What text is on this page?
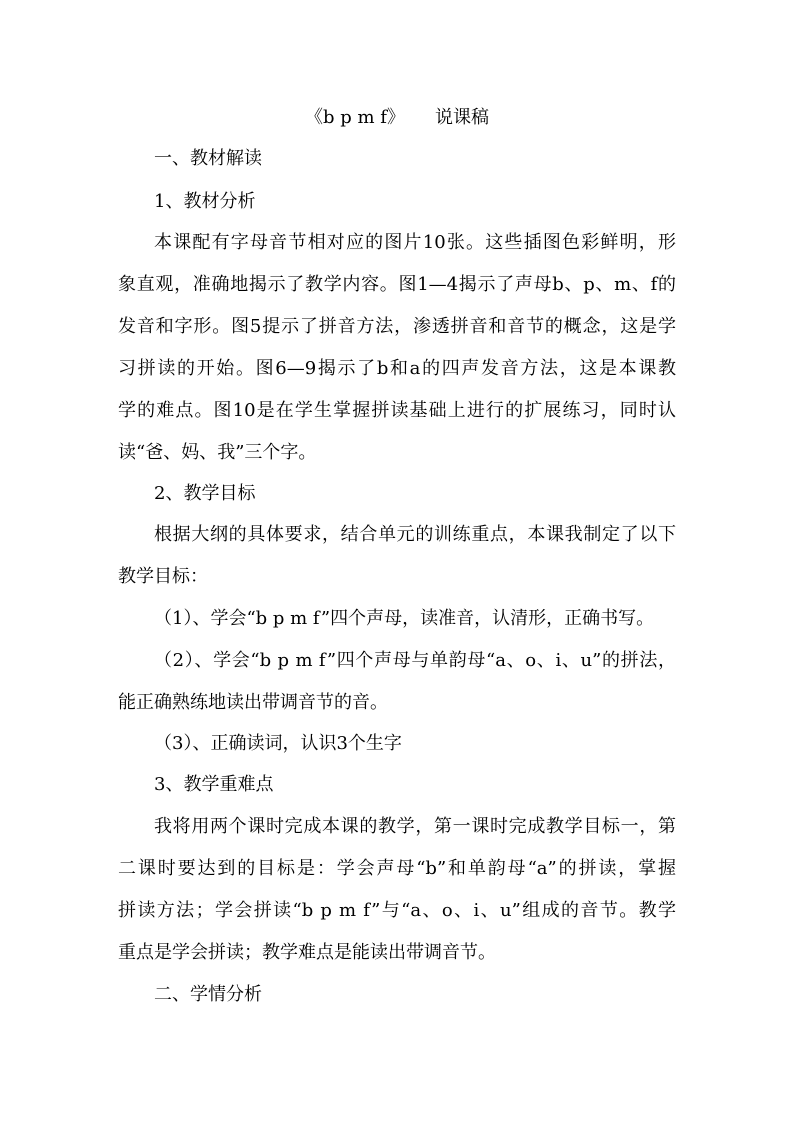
《b p m f》 说课稿
一、教材解读
1、教材分析
本课配有字母音节相对应的图片10张。这些插图色彩鲜明，形
象直观，准确地揭示了教学内容。图1—4揭示了声母b、p、m、f的
发音和字形。图5提示了拼音方法，渗透拼音和音节的概念，这是学
习拼读的开始。图6—9揭示了b和a的四声发音方法，这是本课教
学的难点。图10是在学生掌握拼读基础上进行的扩展练习，同时认
读“爸、妈、我”三个字。
2、教学目标
根据大纲的具体要求，结合单元的训练重点，本课我制定了以下
教学目标：
（1）、学会“b p m f”四个声母，读准音，认清形，正确书写。
（2）、学会“b p m f”四个声母与单韵母“a、o、i、u”的拼法，
能正确熟练地读出带调音节的音。
（3）、正确读词，认识3个生字
3、教学重难点
我将用两个课时完成本课的教学，第一课时完成教学目标一，第
二课时要达到的目标是：学会声母“b”和单韵母“a”的拼读，掌握
拼读方法；学会拼读“b p m f”与“a、o、i、u”组成的音节。教学
重点是学会拼读；教学难点是能读出带调音节。
二、学情分析
